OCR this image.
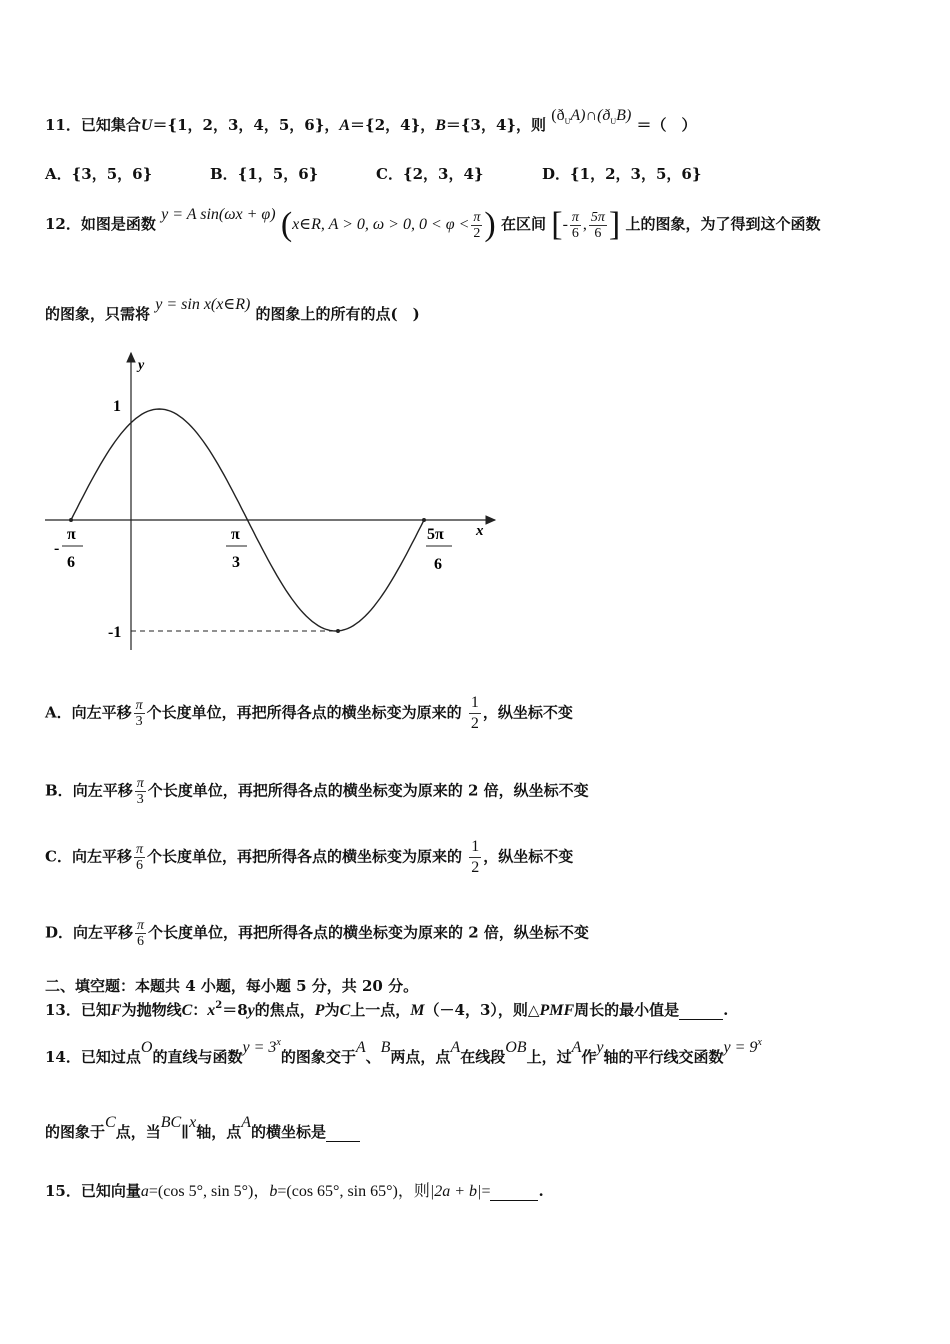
11．已知集合U＝{1，2，3，4，5，6}，A＝{2，4}，B＝{3，4}，则 $(ð_UA)\cap(ð_UB)$ ＝（　）
A．{3，5，6}	B．{1，5，6}	C．{2，3，4}	D．{1，2，3，5，6}
12．如图是函数 y = A sin(ωx + φ) (x∈R, A > 0, ω > 0, $0 < \varphi < \frac{\pi}{2}$ ) 在区间 [- $\frac{\pi}{6}$ , $\frac{5\pi}{6}$ ] 上的图象，为了得到这个函数
的图象，只需将 y = sin x(x∈R) 的图象上的所有的点(　)
y
x
1
-1
-
π
6
π
3
5π
6
A．向左平移 $\frac{\pi}{3}$ 个长度单位，再把所得各点的横坐标变为原来的 $\frac{1}{2}$ ，纵坐标不变
B．向左平移 $\frac{\pi}{3}$ 个长度单位，再把所得各点的横坐标变为原来的 2 倍，纵坐标不变
C．向左平移 $\frac{\pi}{6}$ 个长度单位，再把所得各点的横坐标变为原来的 $\frac{1}{2}$ ，纵坐标不变
D．向左平移 $\frac{\pi}{6}$ 个长度单位，再把所得各点的横坐标变为原来的 2 倍，纵坐标不变
二、填空题：本题共 4 小题，每小题 5 分，共 20 分。
13．已知F为抛物线C：$x^2=8y$的焦点，P为C上一点，M（－4，3），则△PMF周长的最小值是	.
14．已知过点O的直线与函数$y = 3^x$的图象交于A、B两点，点A在线段OB上，过A作y轴的平行线交函数$y = 9^x$
的图象于C点，当BC∥x轴，点A的横坐标是
15．已知向量a=(cos 5°, sin 5°)，b=(cos 65°, sin 65°)，则|2a + b|=	.
